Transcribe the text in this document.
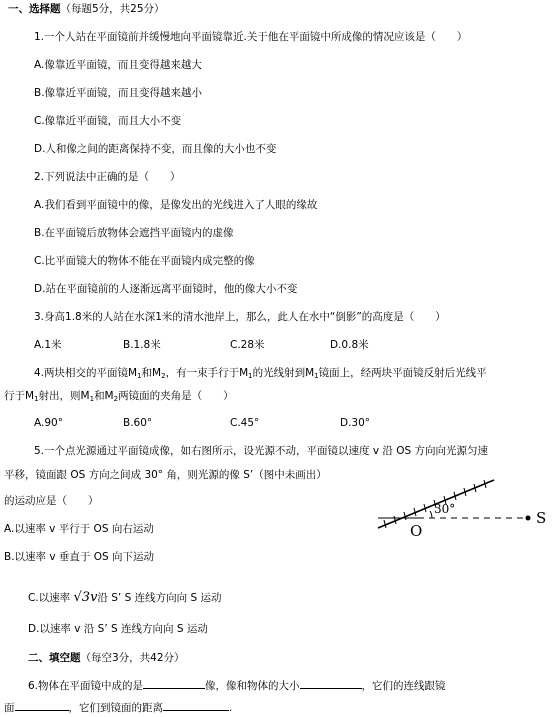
一、选择题（每题5分，共25分）
1.一个人站在平面镜前并缓慢地向平面镜靠近.关于他在平面镜中所成像的情况应该是（　　）
A.像靠近平面镜，而且变得越来越大
B.像靠近平面镜，而且变得越来越小
C.像靠近平面镜，而且大小不变
D.人和像之间的距离保持不变，而且像的大小也不变
2.下列说法中正确的是（　　）
A.我们看到平面镜中的像，是像发出的光线进入了人眼的缘故
B.在平面镜后放物体会遮挡平面镜内的虚像
C.比平面镜大的物体不能在平面镜内成完整的像
D.站在平面镜前的人逐渐远离平面镜时，他的像大小不变
3.身高1.8米的人站在水深1米的清水池岸上，那么，此人在水中“倒影”的高度是（　　）
A.1米	B.1.8米	C.28米	D.0.8米
4.两块相交的平面镜$M_1$和$M_2$，有一束手行于$M_1$的光线射到$M_1$镜面上，经两块平面镜反射后光线平
行于$M_1$射出，则$M_1$和$M_2$两镜面的夹角是（　　）
A.90°	B.60°	C.45°	D.30°
5.一个点光源通过平面镜成像，如右图所示，设光源不动，平面镜以速度 v 沿 OS 方向向光源匀速
平移，镜面跟 OS 方向之间成 30° 角，则光源的像 S’（图中未画出）
的运动应是（　　）
A.以速率 v 平行于 OS 向右运动
B.以速率 v 垂直于 OS 向下运动
C.以速率 √3v沿 S’ S 连线方向向 S 运动
D.以速率 v 沿 S’ S 连线方向向 S 运动
30°
O
S
二、填空题（每空3分，共42分）
6.物体在平面镜中成的是	像，像和物体的大小	，它们的连线跟镜
面	，它们到镜面的距离	.
